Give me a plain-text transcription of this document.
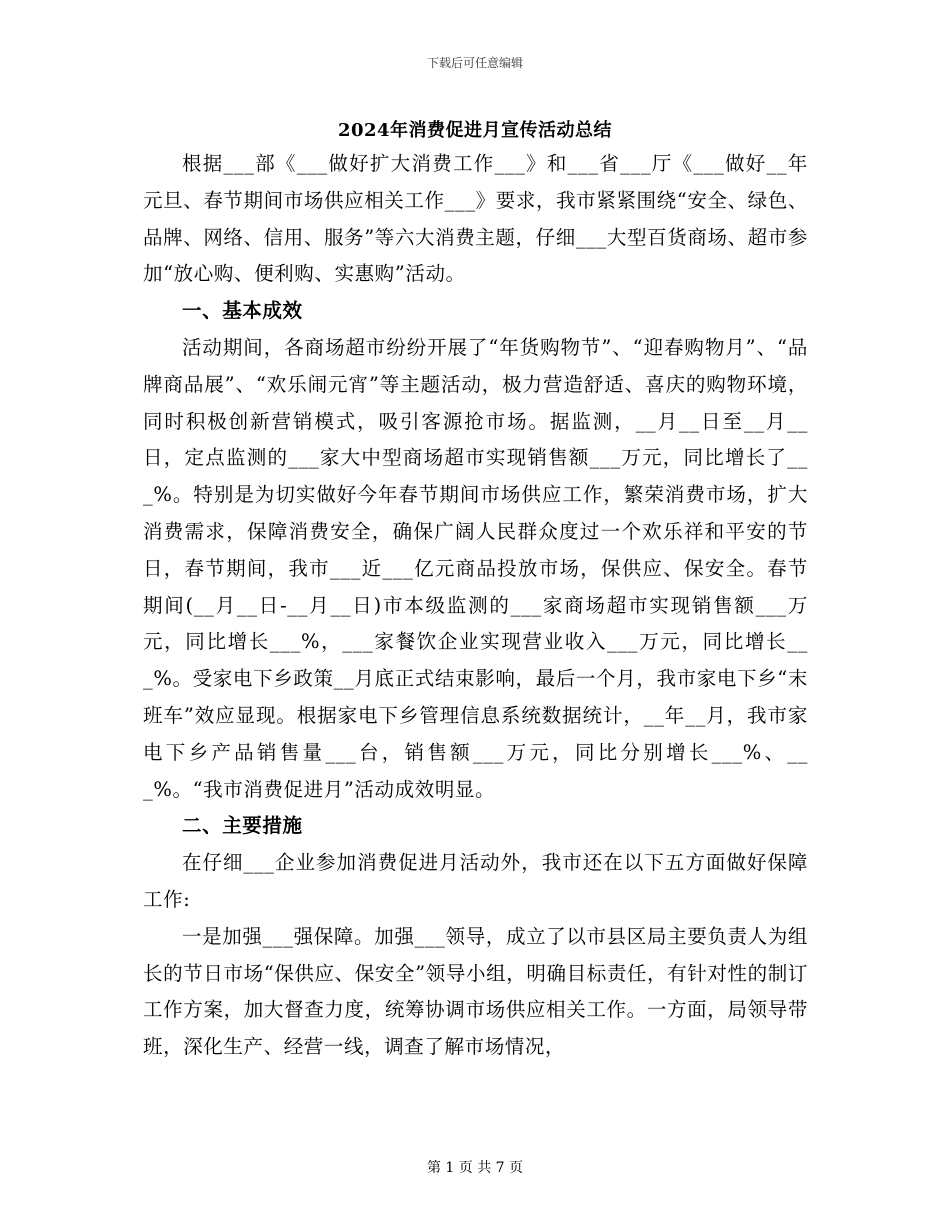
下载后可任意编辑
2024年消费促进月宣传活动总结

根据___部《___做好扩大消费工作___》和___省___厅《___做好__年元旦、春节期间市场供应相关工作___》要求，我市紧紧围绕“安全、绿色、品牌、网络、信用、服务”等六大消费主题，仔细___大型百货商场、超市参加“放心购、便利购、实惠购”活动。

一、基本成效

活动期间，各商场超市纷纷开展了“年货购物节”、“迎春购物月”、“品牌商品展”、“欢乐闹元宵”等主题活动，极力营造舒适、喜庆的购物环境，同时积极创新营销模式，吸引客源抢市场。据监测，__月__日至__月__日，定点监测的___家大中型商场超市实现销售额___万元，同比增长了___%。特别是为切实做好今年春节期间市场供应工作，繁荣消费市场，扩大消费需求，保障消费安全，确保广阔人民群众度过一个欢乐祥和平安的节日，春节期间，我市___近___亿元商品投放市场，保供应、保安全。春节期间(__月__日-__月__日)市本级监测的___家商场超市实现销售额___万元，同比增长___%，___家餐饮企业实现营业收入___万元，同比增长___%。受家电下乡政策__月底正式结束影响，最后一个月，我市家电下乡“末班车”效应显现。根据家电下乡管理信息系统数据统计，__年__月，我市家电下乡产品销售量___台，销售额___万元，同比分别增长___%、___%。“我市消费促进月”活动成效明显。

二、主要措施

在仔细___企业参加消费促进月活动外，我市还在以下五方面做好保障工作:

一是加强___强保障。加强___领导，成立了以市县区局主要负责人为组长的节日市场“保供应、保安全”领导小组，明确目标责任，有针对性的制订工作方案，加大督查力度，统筹协调市场供应相关工作。一方面，局领导带班，深化生产、经营一线，调查了解市场情况，

第 1 页 共 7 页
